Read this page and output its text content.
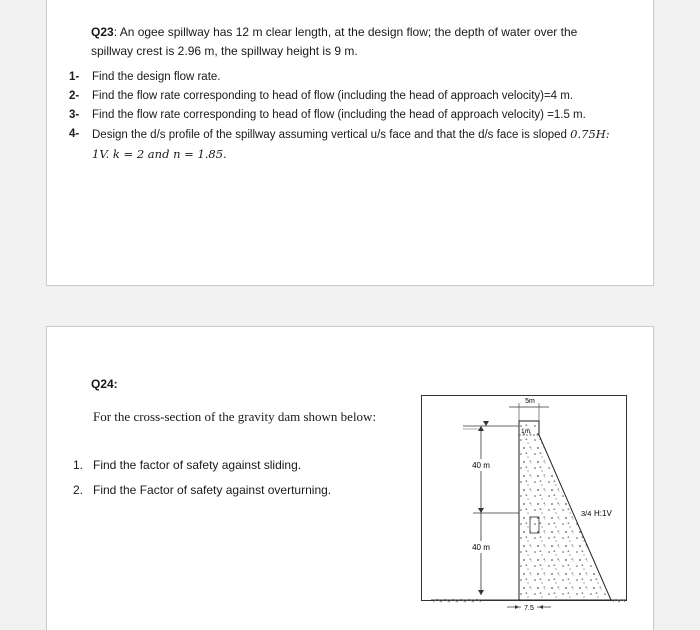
Q23: An ogee spillway has 12 m clear length, at the design flow; the depth of water over the spillway crest is 2.96 m, the spillway height is 9 m.
1- Find the design flow rate.
2- Find the flow rate corresponding to head of flow (including the head of approach velocity)=4 m.
3- Find the flow rate corresponding to head of flow (including the head of approach velocity) =1.5 m.
4- Design the d/s profile of the spillway assuming vertical u/s face and that the d/s face is sloped 0.75H: 1V. k = 2 and n = 1.85.
Q24:
For the cross-section of the gravity dam shown below:
1. Find the factor of safety against sliding.
2. Find the Factor of safety against overturning.
40 m
40 m
5m
1m
3/4 H:1V
7.5
